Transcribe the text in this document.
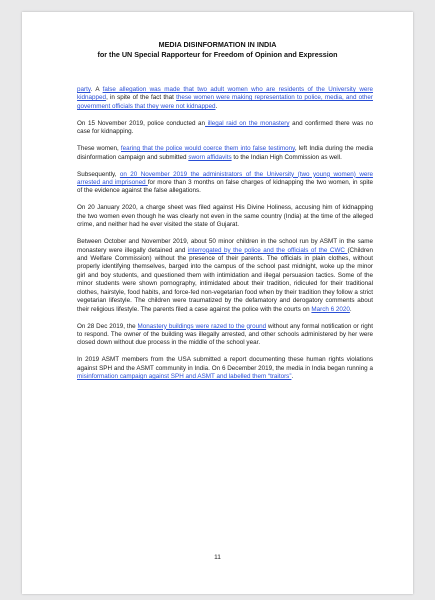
MEDIA DISINFORMATION IN INDIA
for the UN Special Rapporteur for Freedom of Opinion and Expression

party. A false allegation was made that two adult women who are residents of the University were kidnapped, in spite of the fact that these women were making representation to police, media, and other government officials that they were not kidnapped.

On 15 November 2019, police conducted an illegal raid on the monastery and confirmed there was no case for kidnapping.

These women, fearing that the police would coerce them into false testimony, left India during the media disinformation campaign and submitted sworn affidavits to the Indian High Commission as well.

Subsequently, on 20 November 2019 the administrators of the University (two young women) were arrested and imprisoned for more than 3 months on false charges of kidnapping the two women, in spite of the evidence against the false allegations.

On 20 January 2020, a charge sheet was filed against His Divine Holiness, accusing him of kidnapping the two women even though he was clearly not even in the same country (India) at the time of the alleged crime, and neither had he ever visited the state of Gujarat.

Between October and November 2019, about 50 minor children in the school run by ASMT in the same monastery were illegally detained and interrogated by the police and the officials of the CWC (Children and Welfare Commission) without the presence of their parents. The officials in plain clothes, without properly identifying themselves, barged into the campus of the school past midnight, woke up the minor girl and boy students, and questioned them with intimidation and illegal persuasion tactics. Some of the minor students were shown pornography, intimidated about their tradition, ridiculed for their traditional clothes, hairstyle, food habits, and force-fed non-vegetarian food when by their tradition they follow a strict vegetarian lifestyle. The children were traumatized by the defamatory and derogatory comments about their religious lifestyle. The parents filed a case against the police with the courts on March 6 2020.

On 28 Dec 2019, the Monastery buildings were razed to the ground without any formal notification or right to respond. The owner of the building was illegally arrested, and other schools administered by her were closed down without due process in the middle of the school year.

In 2019 ASMT members from the USA submitted a report documenting these human rights violations against SPH and the ASMT community in India. On 6 December 2019, the media in India began running a misinformation campaign against SPH and ASMT and labelled them “traitors”.

11
